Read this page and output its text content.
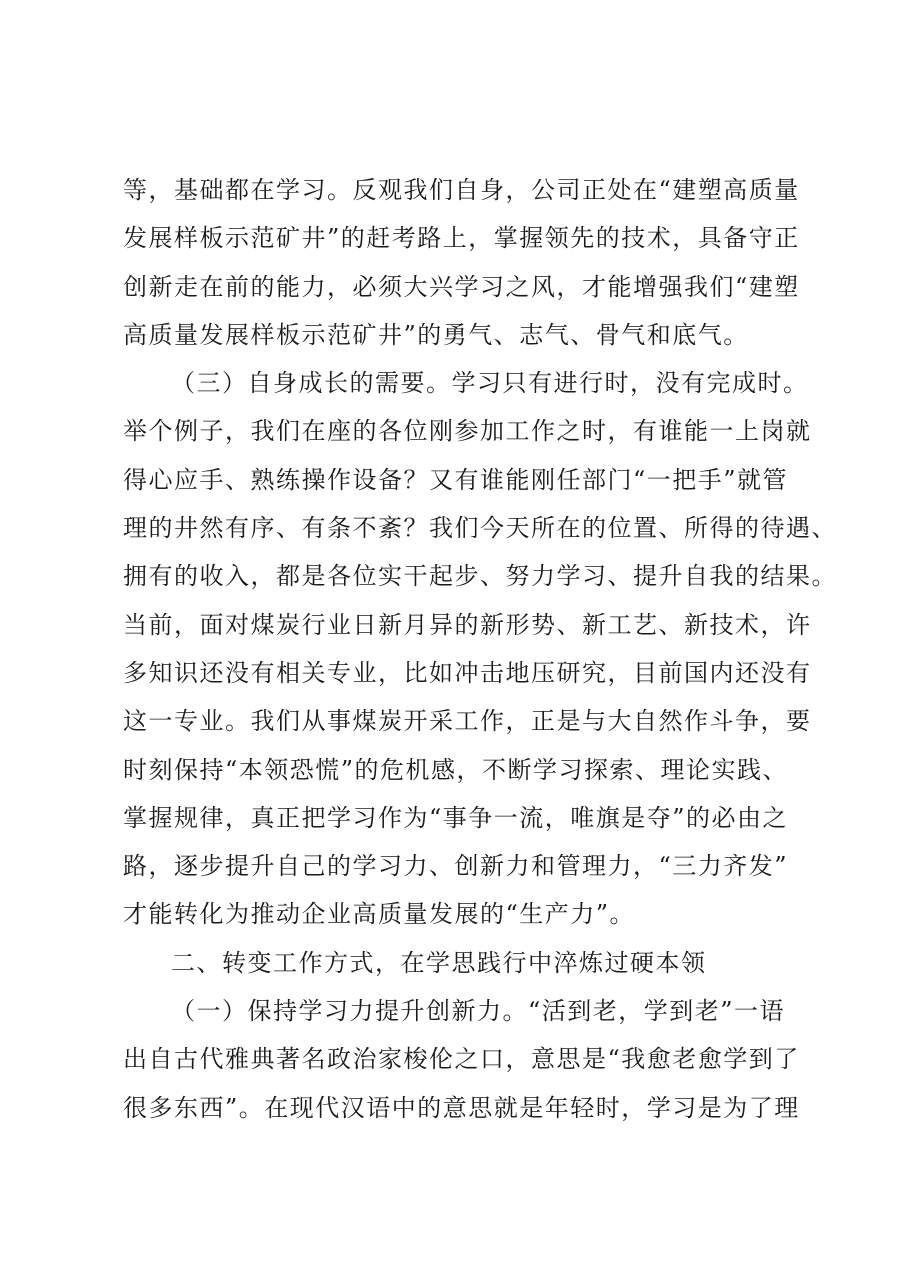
等，基础都在学习。反观我们自身，公司正处在“建塑高质量
发展样板示范矿井”的赶考路上，掌握领先的技术，具备守正
创新走在前的能力，必须大兴学习之风，才能增强我们“建塑
高质量发展样板示范矿井”的勇气、志气、骨气和底气。
（三）自身成长的需要。学习只有进行时，没有完成时。
举个例子，我们在座的各位刚参加工作之时，有谁能一上岗就
得心应手、熟练操作设备？又有谁能刚任部门“一把手”就管
理的井然有序、有条不紊？我们今天所在的位置、所得的待遇、
拥有的收入，都是各位实干起步、努力学习、提升自我的结果。
当前，面对煤炭行业日新月异的新形势、新工艺、新技术，许
多知识还没有相关专业，比如冲击地压研究，目前国内还没有
这一专业。我们从事煤炭开采工作，正是与大自然作斗争，要
时刻保持“本领恐慌”的危机感，不断学习探索、理论实践、
掌握规律，真正把学习作为“事争一流，唯旗是夺”的必由之
路，逐步提升自己的学习力、创新力和管理力，“三力齐发”
才能转化为推动企业高质量发展的“生产力”。
二、转变工作方式，在学思践行中淬炼过硬本领
（一）保持学习力提升创新力。“活到老，学到老”一语
出自古代雅典著名政治家梭伦之口，意思是“我愈老愈学到了
很多东西”。在现代汉语中的意思就是年轻时，学习是为了理
